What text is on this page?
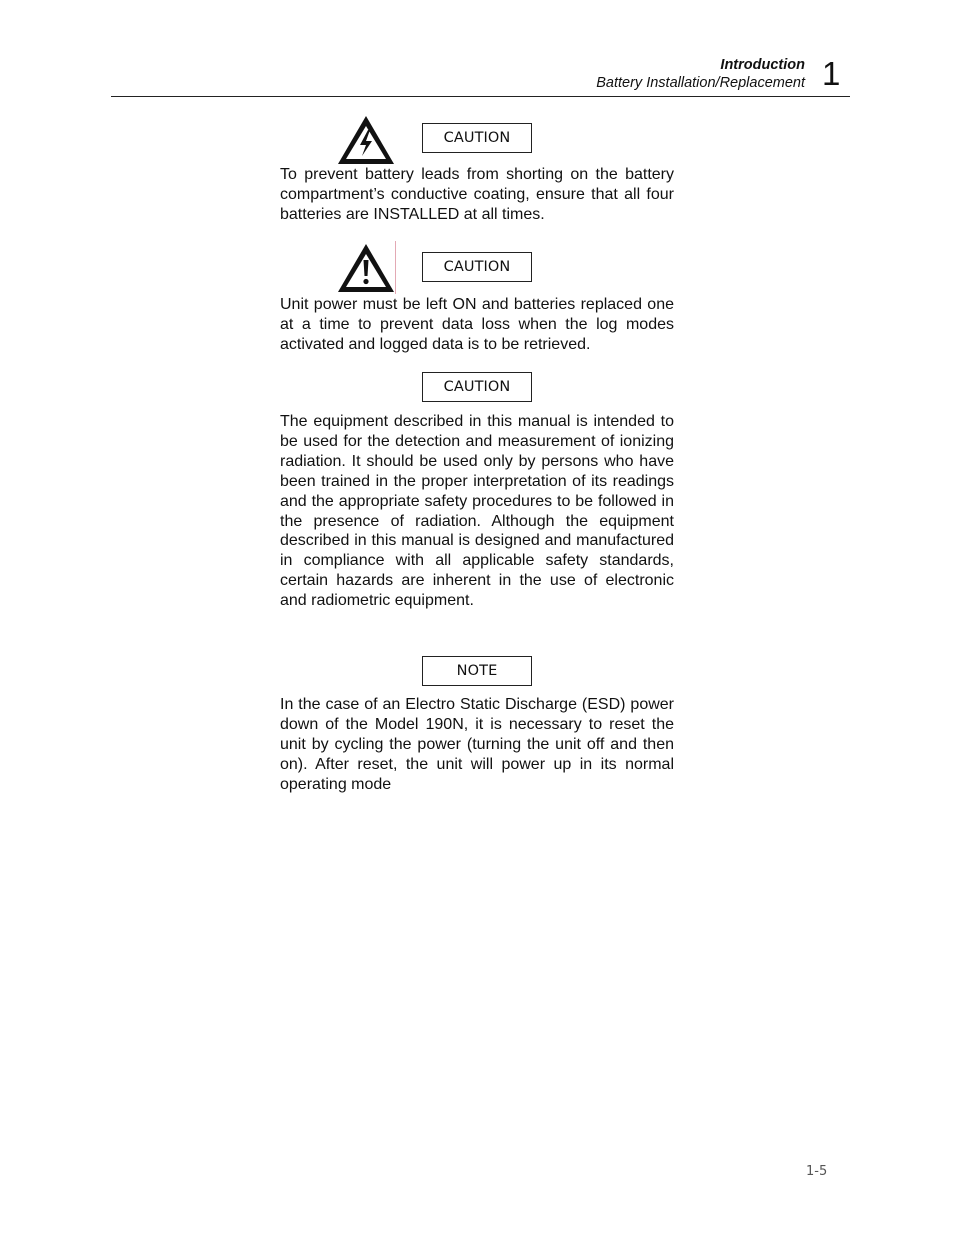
Introduction
Battery Installation/Replacement 1
CAUTION

To prevent battery leads from shorting on the battery compartment’s conductive coating, ensure that all four batteries are INSTALLED at all times.

CAUTION

Unit power must be left ON and batteries replaced one at a time to prevent data loss when the log modes activated and logged data is to be retrieved.

CAUTION

The equipment described in this manual is intended to be used for the detection and measurement of ionizing radiation. It should be used only by persons who have been trained in the proper interpretation of its readings and the appropriate safety procedures to be followed in the presence of radiation. Although the equipment described in this manual is designed and manufactured in compliance with all applicable safety standards, certain hazards are inherent in the use of electronic and radiometric equipment.

NOTE

In the case of an Electro Static Discharge (ESD) power down of the Model 190N, it is necessary to reset the unit by cycling the power (turning the unit off and then on). After reset, the unit will power up in its normal operating mode

1-5
